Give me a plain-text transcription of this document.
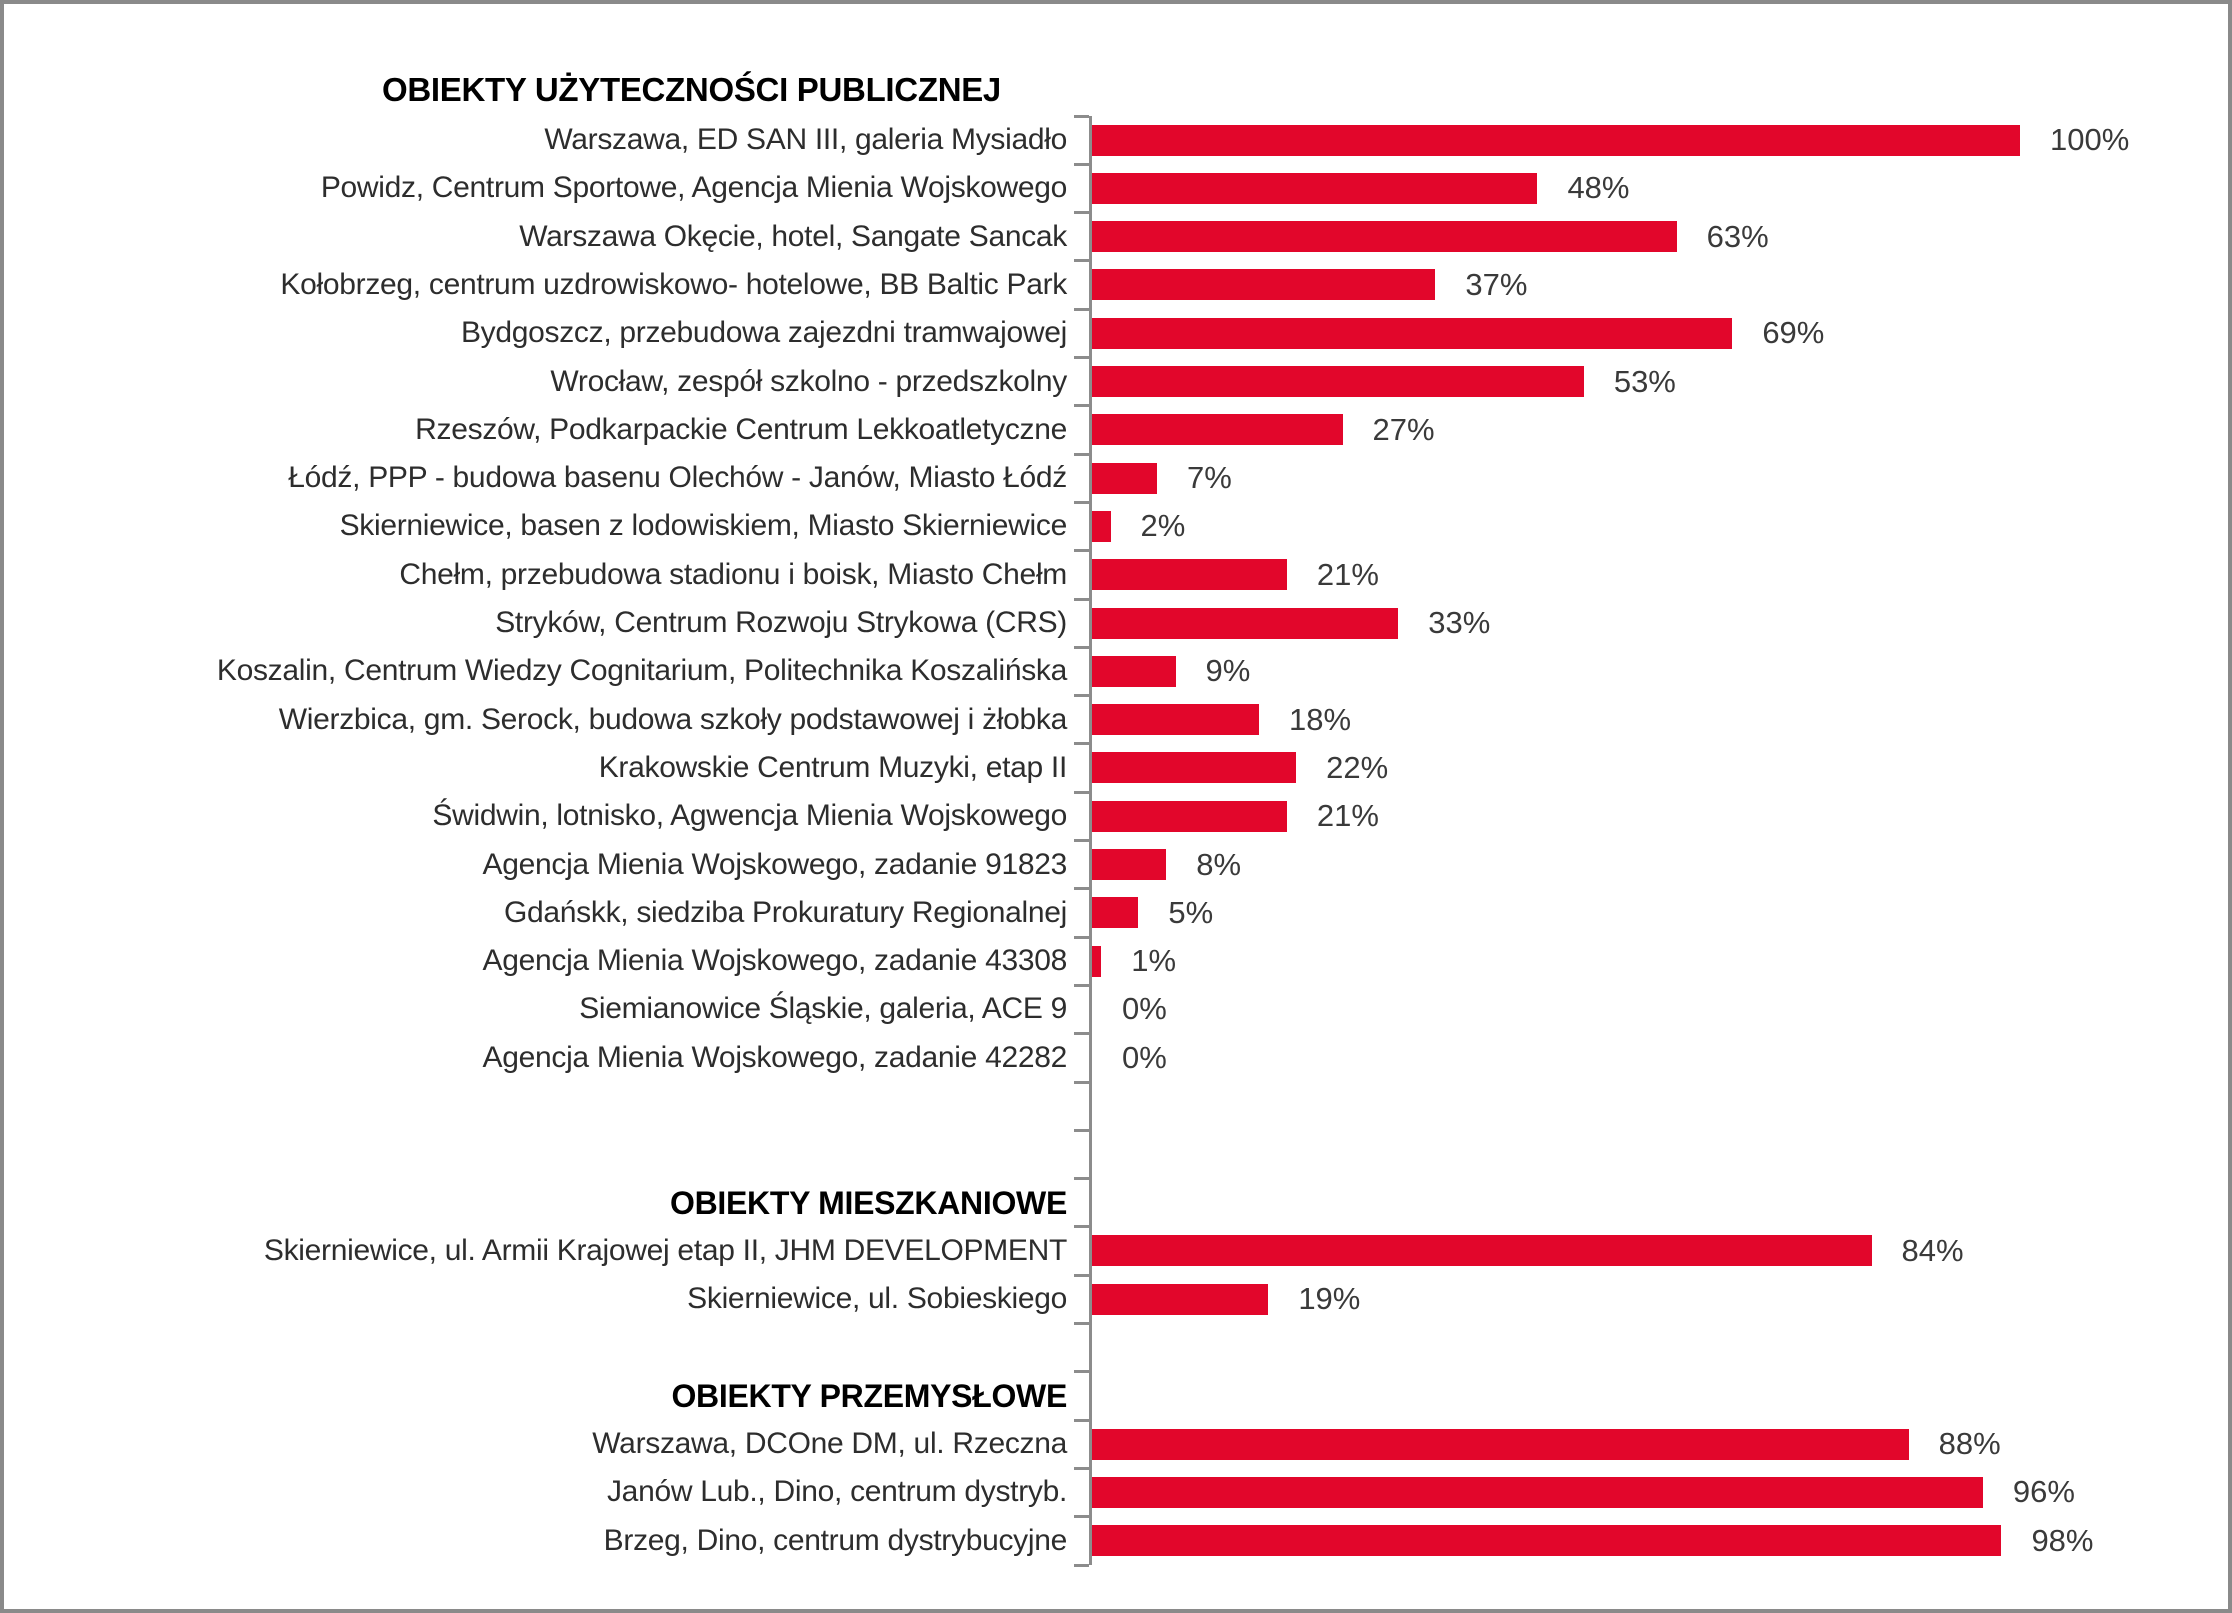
OBIEKTY UŻYTECZNOŚCI PUBLICZNEJ
Warszawa, ED SAN III, galeria Mysiadło	100%
Powidz, Centrum Sportowe, Agencja Mienia Wojskowego	48%
Warszawa Okęcie, hotel, Sangate Sancak	63%
Kołobrzeg, centrum uzdrowiskowo- hotelowe, BB Baltic Park	37%
Bydgoszcz, przebudowa zajezdni tramwajowej	69%
Wrocław, zespół szkolno - przedszkolny	53%
Rzeszów, Podkarpackie Centrum Lekkoatletyczne	27%
Łódź, PPP - budowa basenu Olechów - Janów, Miasto Łódź	7%
Skierniewice, basen z lodowiskiem, Miasto Skierniewice 2%
Chełm, przebudowa stadionu i boisk, Miasto Chełm	21%
Stryków, Centrum Rozwoju Strykowa (CRS)	33%
Koszalin, Centrum Wiedzy Cognitarium, Politechnika Koszalińska	9%
Wierzbica, gm. Serock, budowa szkoły podstawowej i żłobka	18%
Krakowskie Centrum Muzyki, etap II	22%
Świdwin, lotnisko, Agwencja Mienia Wojskowego	21%
Agencja Mienia Wojskowego, zadanie 91823	8%
Gdańskk, siedziba Prokuratury Regionalnej	5%
Agencja Mienia Wojskowego, zadanie 43308 1%
Siemianowice Śląskie, galeria, ACE 9 0%
Agencja Mienia Wojskowego, zadanie 42282 0%
OBIEKTY MIESZKANIOWE
Skierniewice, ul. Armii Krajowej etap II, JHM DEVELOPMENT	84%
Skierniewice, ul. Sobieskiego	19%
OBIEKTY PRZEMYSŁOWE
Warszawa, DCOne DM, ul. Rzeczna	88%
Janów Lub., Dino, centrum dystryb.	96%
Brzeg, Dino, centrum dystrybucyjne	98%
